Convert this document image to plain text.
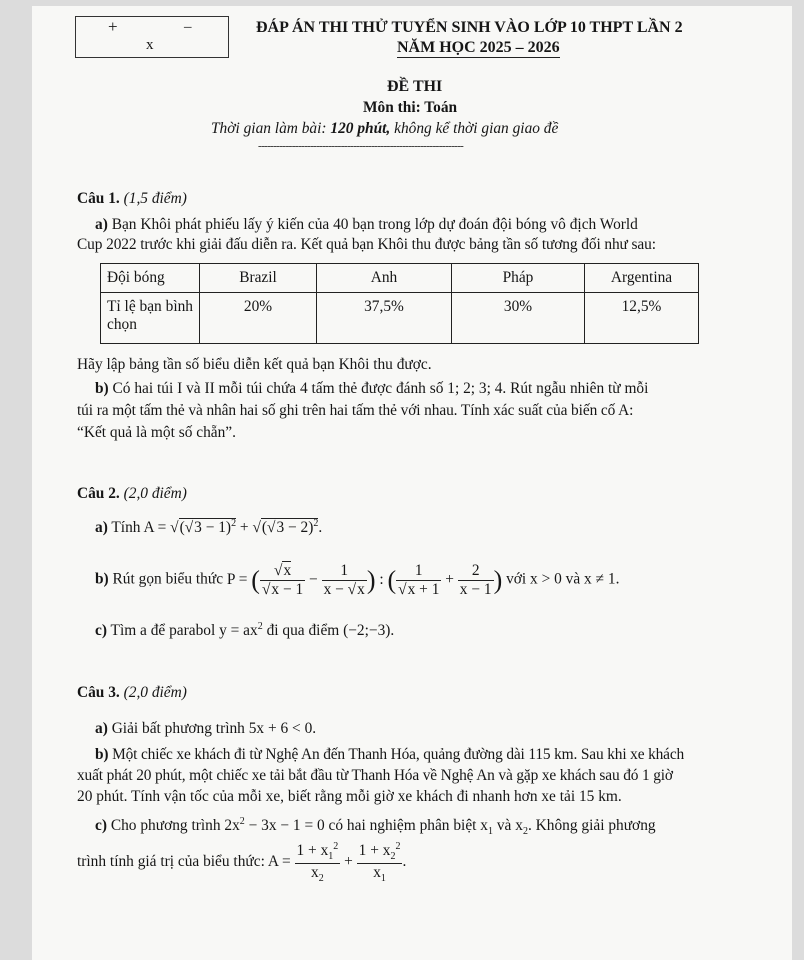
+	–
x
ĐÁP ÁN THI THỬ TUYỂN SINH VÀO LỚP 10 THPT LẦN 2
NĂM HỌC 2025 – 2026
ĐỀ THI
Môn thi: Toán
Thời gian làm bài: 120 phút, không kể thời gian giao đề
-------------------------------------------------------------------
Câu 1. (1,5 điểm)
a) Bạn Khôi phát phiếu lấy ý kiến của 40 bạn trong lớp dự đoán đội bóng vô địch World
Cup 2022 trước khi giải đấu diễn ra. Kết quả bạn Khôi thu được bảng tần số tương đối như sau:
Đội bóng	Brazil	Anh	Pháp	Argentina
Tỉ lệ bạn bình chọn	20%	37,5%	30%	12,5%
Hãy lập bảng tần số biểu diễn kết quả bạn Khôi thu được.
b) Có hai túi I và II mỗi túi chứa 4 tấm thẻ được đánh số 1; 2; 3; 4. Rút ngẫu nhiên từ mỗi
túi ra một tấm thẻ và nhân hai số ghi trên hai tấm thẻ với nhau. Tính xác suất của biến cố A:
“Kết quả là một số chẵn”.
Câu 2. (2,0 điểm)
a) Tính $A = √(√3 - 1)^2 + √(√3 - 2)^2$.
b) Rút gọn biểu thức P = ( $\frac{√x}{√x - 1} - \frac{1}{x - √x}$ ) : ( $\frac{1}{√x + 1} + \frac{2}{x - 1}$ ) với x > 0 và x ≠ 1.
c) Tìm a để parabol $y = ax^2$ đi qua điểm (−2;−3).
Câu 3. (2,0 điểm)
a) Giải bất phương trình 5x + 6 < 0.
b) Một chiếc xe khách đi từ Nghệ An đến Thanh Hóa, quảng đường dài 115 km. Sau khi xe khách
xuất phát 20 phút, một chiếc xe tải bắt đầu từ Thanh Hóa về Nghệ An và gặp xe khách sau đó 1 giờ
20 phút. Tính vận tốc của mỗi xe, biết rằng mỗi giờ xe khách đi nhanh hơn xe tải 15 km.
c) Cho phương trình $2x^2 - 3x - 1 = 0$ có hai nghiệm phân biệt $x_1$ và $x_2$. Không giải phương
trình tính giá trị của biểu thức: $A = \frac{1 + x_1^2}{x_2} + \frac{1 + x_2^2}{x_1}$ .
